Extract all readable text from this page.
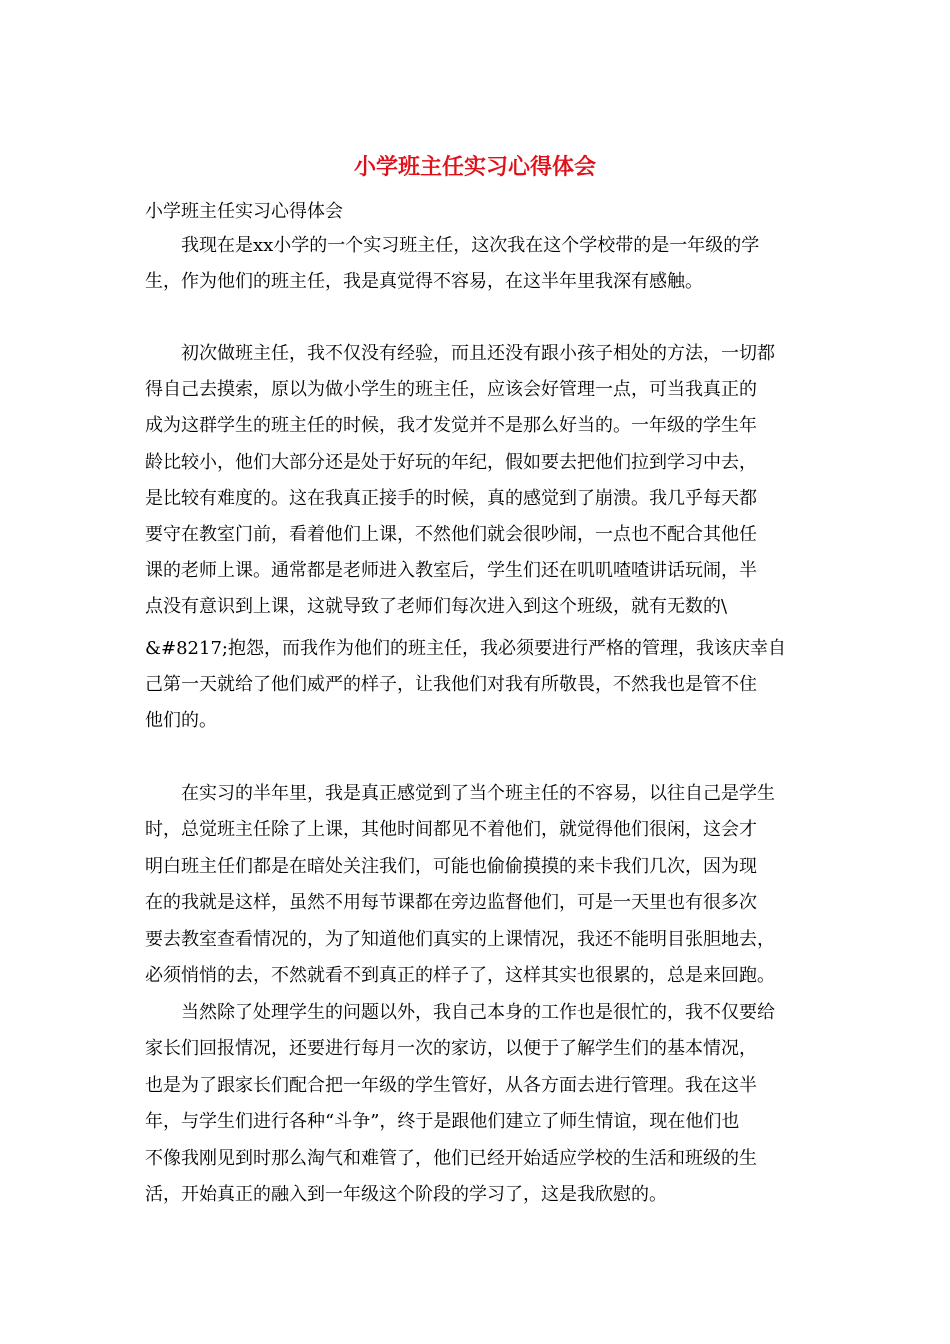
小学班主任实习心得体会
小学班主任实习心得体会
　　我现在是xx小学的一个实习班主任，这次我在这个学校带的是一年级的学
生，作为他们的班主任，我是真觉得不容易，在这半年里我深有感触。
　　初次做班主任，我不仅没有经验，而且还没有跟小孩子相处的方法，一切都
得自己去摸索，原以为做小学生的班主任，应该会好管理一点，可当我真正的
成为这群学生的班主任的时候，我才发觉并不是那么好当的。一年级的学生年
龄比较小，他们大部分还是处于好玩的年纪，假如要去把他们拉到学习中去，
是比较有难度的。这在我真正接手的时候，真的感觉到了崩溃。我几乎每天都
要守在教室门前，看着他们上课，不然他们就会很吵闹，一点也不配合其他任
课的老师上课。通常都是老师进入教室后，学生们还在叽叽喳喳讲话玩闹，半
点没有意识到上课，这就导致了老师们每次进入到这个班级，就有无数的\
&#8217;抱怨，而我作为他们的班主任，我必须要进行严格的管理，我该庆幸自
己第一天就给了他们威严的样子，让我他们对我有所敬畏，不然我也是管不住
他们的。
　　在实习的半年里，我是真正感觉到了当个班主任的不容易，以往自己是学生
时，总觉班主任除了上课，其他时间都见不着他们，就觉得他们很闲，这会才
明白班主任们都是在暗处关注我们，可能也偷偷摸摸的来卡我们几次，因为现
在的我就是这样，虽然不用每节课都在旁边监督他们，可是一天里也有很多次
要去教室查看情况的，为了知道他们真实的上课情况，我还不能明目张胆地去，
必须悄悄的去，不然就看不到真正的样子了，这样其实也很累的，总是来回跑。
　　当然除了处理学生的问题以外，我自己本身的工作也是很忙的，我不仅要给
家长们回报情况，还要进行每月一次的家访，以便于了解学生们的基本情况，
也是为了跟家长们配合把一年级的学生管好，从各方面去进行管理。我在这半
年，与学生们进行各种“斗争”，终于是跟他们建立了师生情谊，现在他们也
不像我刚见到时那么淘气和难管了，他们已经开始适应学校的生活和班级的生
活，开始真正的融入到一年级这个阶段的学习了，这是我欣慰的。
